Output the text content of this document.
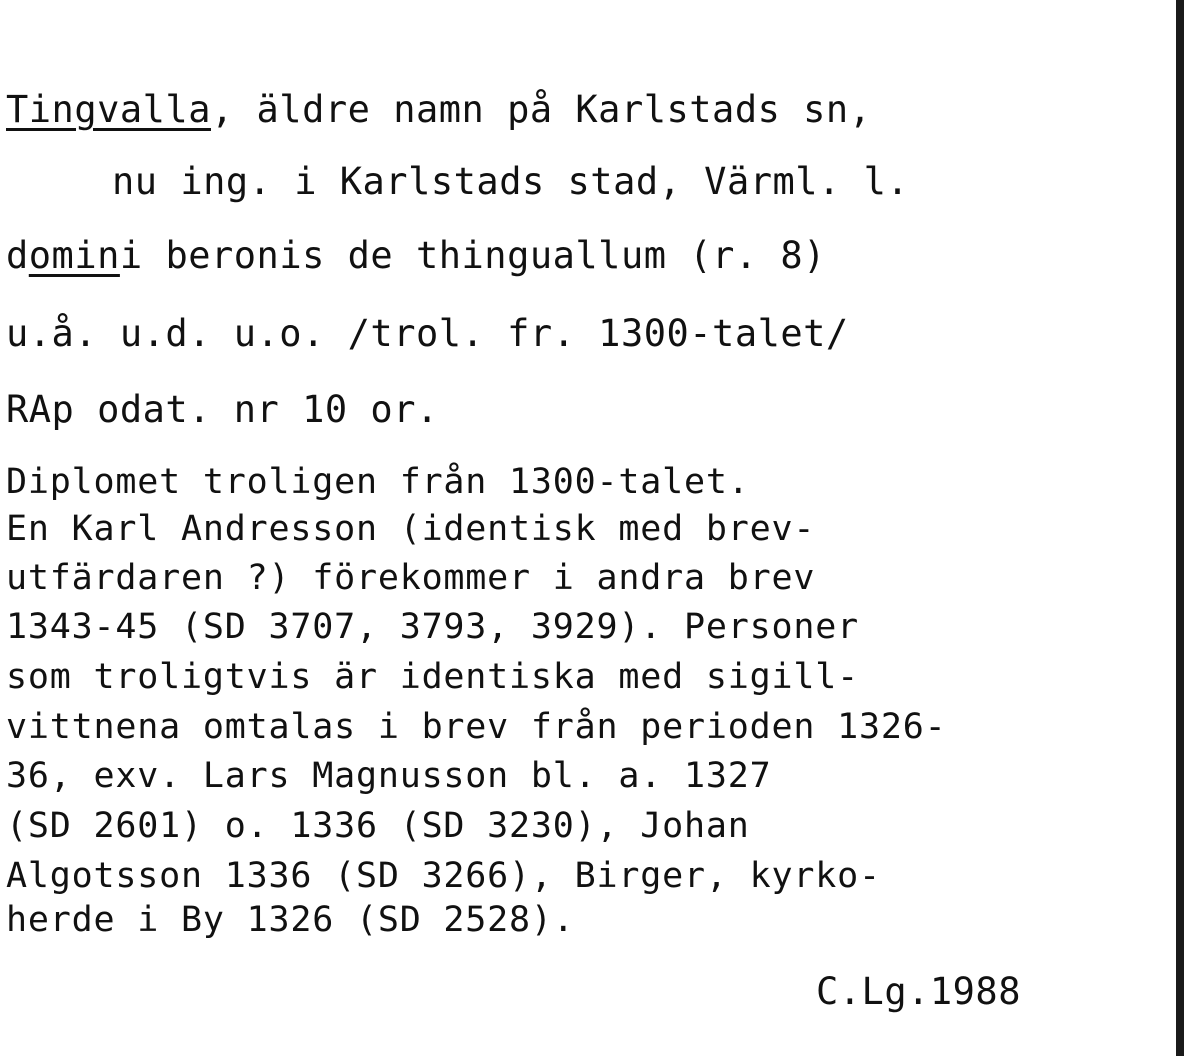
Tingvalla, äldre namn på Karlstads sn,
nu ing. i Karlstads stad, Värml. l.
domini beronis de thinguallum (r. 8)
u.å. u.d. u.o. /trol. fr. 1300-talet/
RAp odat. nr 10 or.
Diplomet troligen från 1300-talet.
En Karl Andresson (identisk med brev-
utfärdaren ?) förekommer i andra brev
1343-45 (SD 3707, 3793, 3929). Personer
som troligtvis är identiska med sigill-
vittnena omtalas i brev från perioden 1326-
36, exv. Lars Magnusson bl. a. 1327
(SD 2601) o. 1336 (SD 3230), Johan
Algotsson 1336 (SD 3266), Birger, kyrko-
herde i By 1326 (SD 2528).
C.Lg.1988
